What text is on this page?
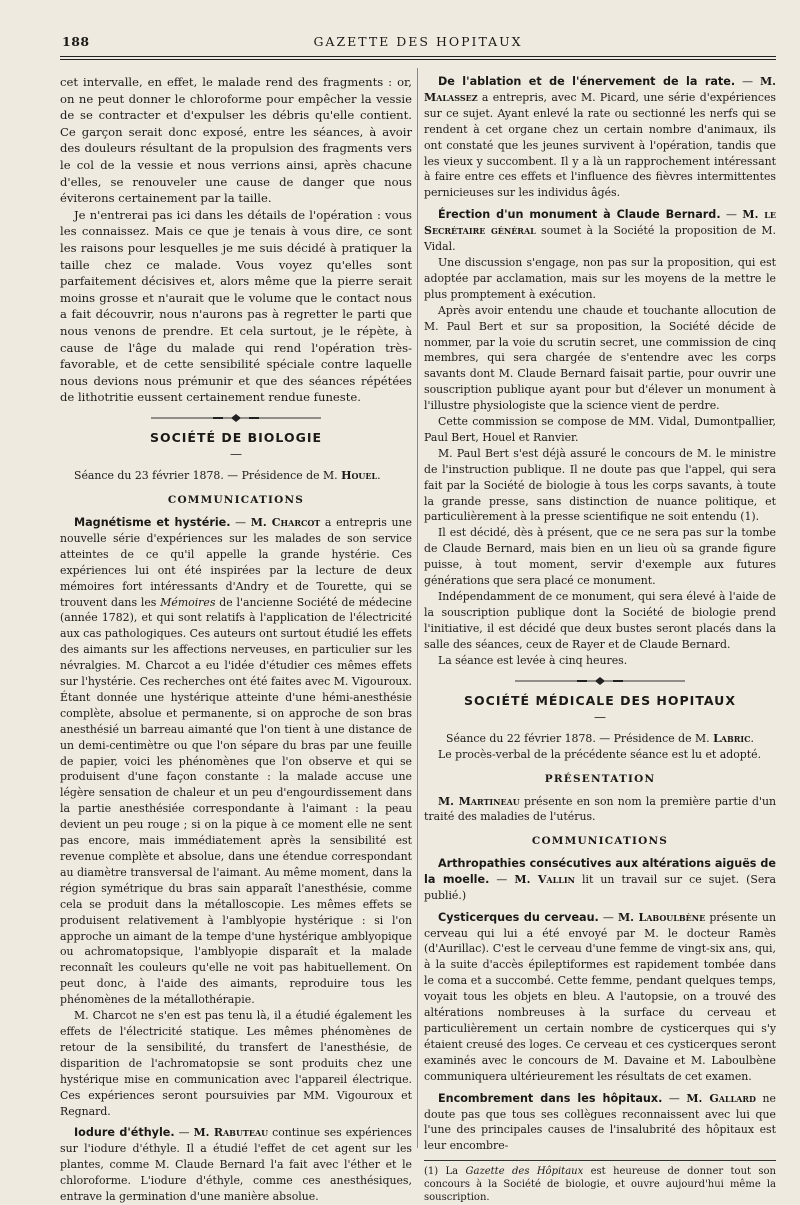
188	GAZETTE DES HOPITAUX

cet intervalle, en effet, le malade rend des fragments : or, on ne peut donner le chloroforme pour empêcher la vessie de se contracter et d'expulser les débris qu'elle contient. Ce garçon serait donc exposé, entre les séances, à avoir des douleurs résultant de la propulsion des fragments vers le col de la vessie et nous verrions ainsi, après chacune d'elles, se renouveler une cause de danger que nous éviterons certainement par la taille.

Je n'entrerai pas ici dans les détails de l'opération : vous les connaissez. Mais ce que je tenais à vous dire, ce sont les raisons pour lesquelles je me suis décidé à pratiquer la taille chez ce malade. Vous voyez qu'elles sont parfaitement décisives et, alors même que la pierre serait moins grosse et n'aurait que le volume que le contact nous a fait découvrir, nous n'aurons pas à regretter le parti que nous venons de prendre. Et cela surtout, je le répète, à cause de l'âge du malade qui rend l'opération très-favorable, et de cette sensibilité spéciale contre laquelle nous devions nous prémunir et que des séances répétées de lithotritie eussent certainement rendue funeste.

SOCIÉTÉ DE BIOLOGIE
—

Séance du 23 février 1878. — Présidence de M. Houel.

COMMUNICATIONS

Magnétisme et hystérie. — M. Charcot a entrepris une nouvelle série d'expériences sur les malades de son service atteintes de ce qu'il appelle la grande hystérie. Ces expériences lui ont été inspirées par la lecture de deux mémoires fort intéressants d'Andry et de Tourette, qui se trouvent dans les Mémoires de l'ancienne Société de médecine (année 1782), et qui sont relatifs à l'application de l'électricité aux cas pathologiques. Ces auteurs ont surtout étudié les effets des aimants sur les affections nerveuses, en particulier sur les névralgies. M. Charcot a eu l'idée d'étudier ces mêmes effets sur l'hystérie. Ces recherches ont été faites avec M. Vigouroux. Étant donnée une hystérique atteinte d'une hémi-anesthésie complète, absolue et permanente, si on approche de son bras anesthésié un barreau aimanté que l'on tient à une distance de un demi-centimètre ou que l'on sépare du bras par une feuille de papier, voici les phénomènes que l'on observe et qui se produisent d'une façon constante : la malade accuse une légère sensation de chaleur et un peu d'engourdissement dans la partie anesthésiée correspondante à l'aimant : la peau devient un peu rouge ; si on la pique à ce moment elle ne sent pas encore, mais immédiatement après la sensibilité est revenue complète et absolue, dans une étendue correspondant au diamètre transversal de l'aimant. Au même moment, dans la région symétrique du bras sain apparaît l'anesthésie, comme cela se produit dans la métalloscopie. Les mêmes effets se produisent relativement à l'amblyopie hystérique : si l'on approche un aimant de la tempe d'une hystérique amblyopique ou achromatopsique, l'amblyopie disparaît et la malade reconnaît les couleurs qu'elle ne voit pas habituellement. On peut donc, à l'aide des aimants, reproduire tous les phénomènes de la métallothérapie.

M. Charcot ne s'en est pas tenu là, il a étudié également les effets de l'électricité statique. Les mêmes phénomènes de retour de la sensibilité, du transfert de l'anesthésie, de disparition de l'achromatopsie se sont produits chez une hystérique mise en communication avec l'appareil électrique. Ces expériences seront poursuivies par MM. Vigouroux et Regnard.

Iodure d'éthyle. — M. Rabuteau continue ses expériences sur l'iodure d'éthyle. Il a étudié l'effet de cet agent sur les plantes, comme M. Claude Bernard l'a fait avec l'éther et le chloroforme. L'iodure d'éthyle, comme ces anesthésiques, entrave la germination d'une manière absolue.

De l'ablation et de l'énervement de la rate. — M. Malassez a entrepris, avec M. Picard, une série d'expériences sur ce sujet. Ayant enlevé la rate ou sectionné les nerfs qui se rendent à cet organe chez un certain nombre d'animaux, ils ont constaté que les jeunes survivent à l'opération, tandis que les vieux y succombent. Il y a là un rapprochement intéressant à faire entre ces effets et l'influence des fièvres intermittentes pernicieuses sur les individus âgés.

Érection d'un monument à Claude Bernard. — M. le Secrétaire général soumet à la Société la proposition de M. Vidal.

Une discussion s'engage, non pas sur la proposition, qui est adoptée par acclamation, mais sur les moyens de la mettre le plus promptement à exécution.

Après avoir entendu une chaude et touchante allocution de M. Paul Bert et sur sa proposition, la Société décide de nommer, par la voie du scrutin secret, une commission de cinq membres, qui sera chargée de s'entendre avec les corps savants dont M. Claude Bernard faisait partie, pour ouvrir une souscription publique ayant pour but d'élever un monument à l'illustre physiologiste que la science vient de perdre.

Cette commission se compose de MM. Vidal, Dumontpallier, Paul Bert, Houel et Ranvier.

M. Paul Bert s'est déjà assuré le concours de M. le ministre de l'instruction publique. Il ne doute pas que l'appel, qui sera fait par la Société de biologie à tous les corps savants, à toute la grande presse, sans distinction de nuance politique, et particulièrement à la presse scientifique ne soit entendu (1).

Il est décidé, dès à présent, que ce ne sera pas sur la tombe de Claude Bernard, mais bien en un lieu où sa grande figure puisse, à tout moment, servir d'exemple aux futures générations que sera placé ce monument.

Indépendamment de ce monument, qui sera élevé à l'aide de la souscription publique dont la Société de biologie prend l'initiative, il est décidé que deux bustes seront placés dans la salle des séances, ceux de Rayer et de Claude Bernard.

La séance est levée à cinq heures.

SOCIÉTÉ MÉDICALE DES HOPITAUX
—

Séance du 22 février 1878. — Présidence de M. Labric.

Le procès-verbal de la précédente séance est lu et adopté.

PRÉSENTATION

M. Martineau présente en son nom la première partie d'un traité des maladies de l'utérus.

COMMUNICATIONS

Arthropathies consécutives aux altérations aiguës de la moelle. — M. Vallin lit un travail sur ce sujet. (Sera publié.)

Cysticerques du cerveau. — M. Laboulbène présente un cerveau qui lui a été envoyé par M. le docteur Ramès (d'Aurillac). C'est le cerveau d'une femme de vingt-six ans, qui, à la suite d'accès épileptiformes est rapidement tombée dans le coma et a succombé. Cette femme, pendant quelques temps, voyait tous les objets en bleu. A l'autopsie, on a trouvé des altérations nombreuses à la surface du cerveau et particulièrement un certain nombre de cysticerques qui s'y étaient creusé des loges. Ce cerveau et ces cysticerques seront examinés avec le concours de M. Davaine et M. Laboulbène communiquera ultérieurement les résultats de cet examen.

Encombrement dans les hôpitaux. — M. Gallard ne doute pas que tous ses collègues reconnaissent avec lui que l'une des principales causes de l'insalubrité des hôpitaux est leur encombre-

(1) La Gazette des Hôpitaux est heureuse de donner tout son concours à la Société de biologie, et ouvre aujourd'hui même la souscription.
